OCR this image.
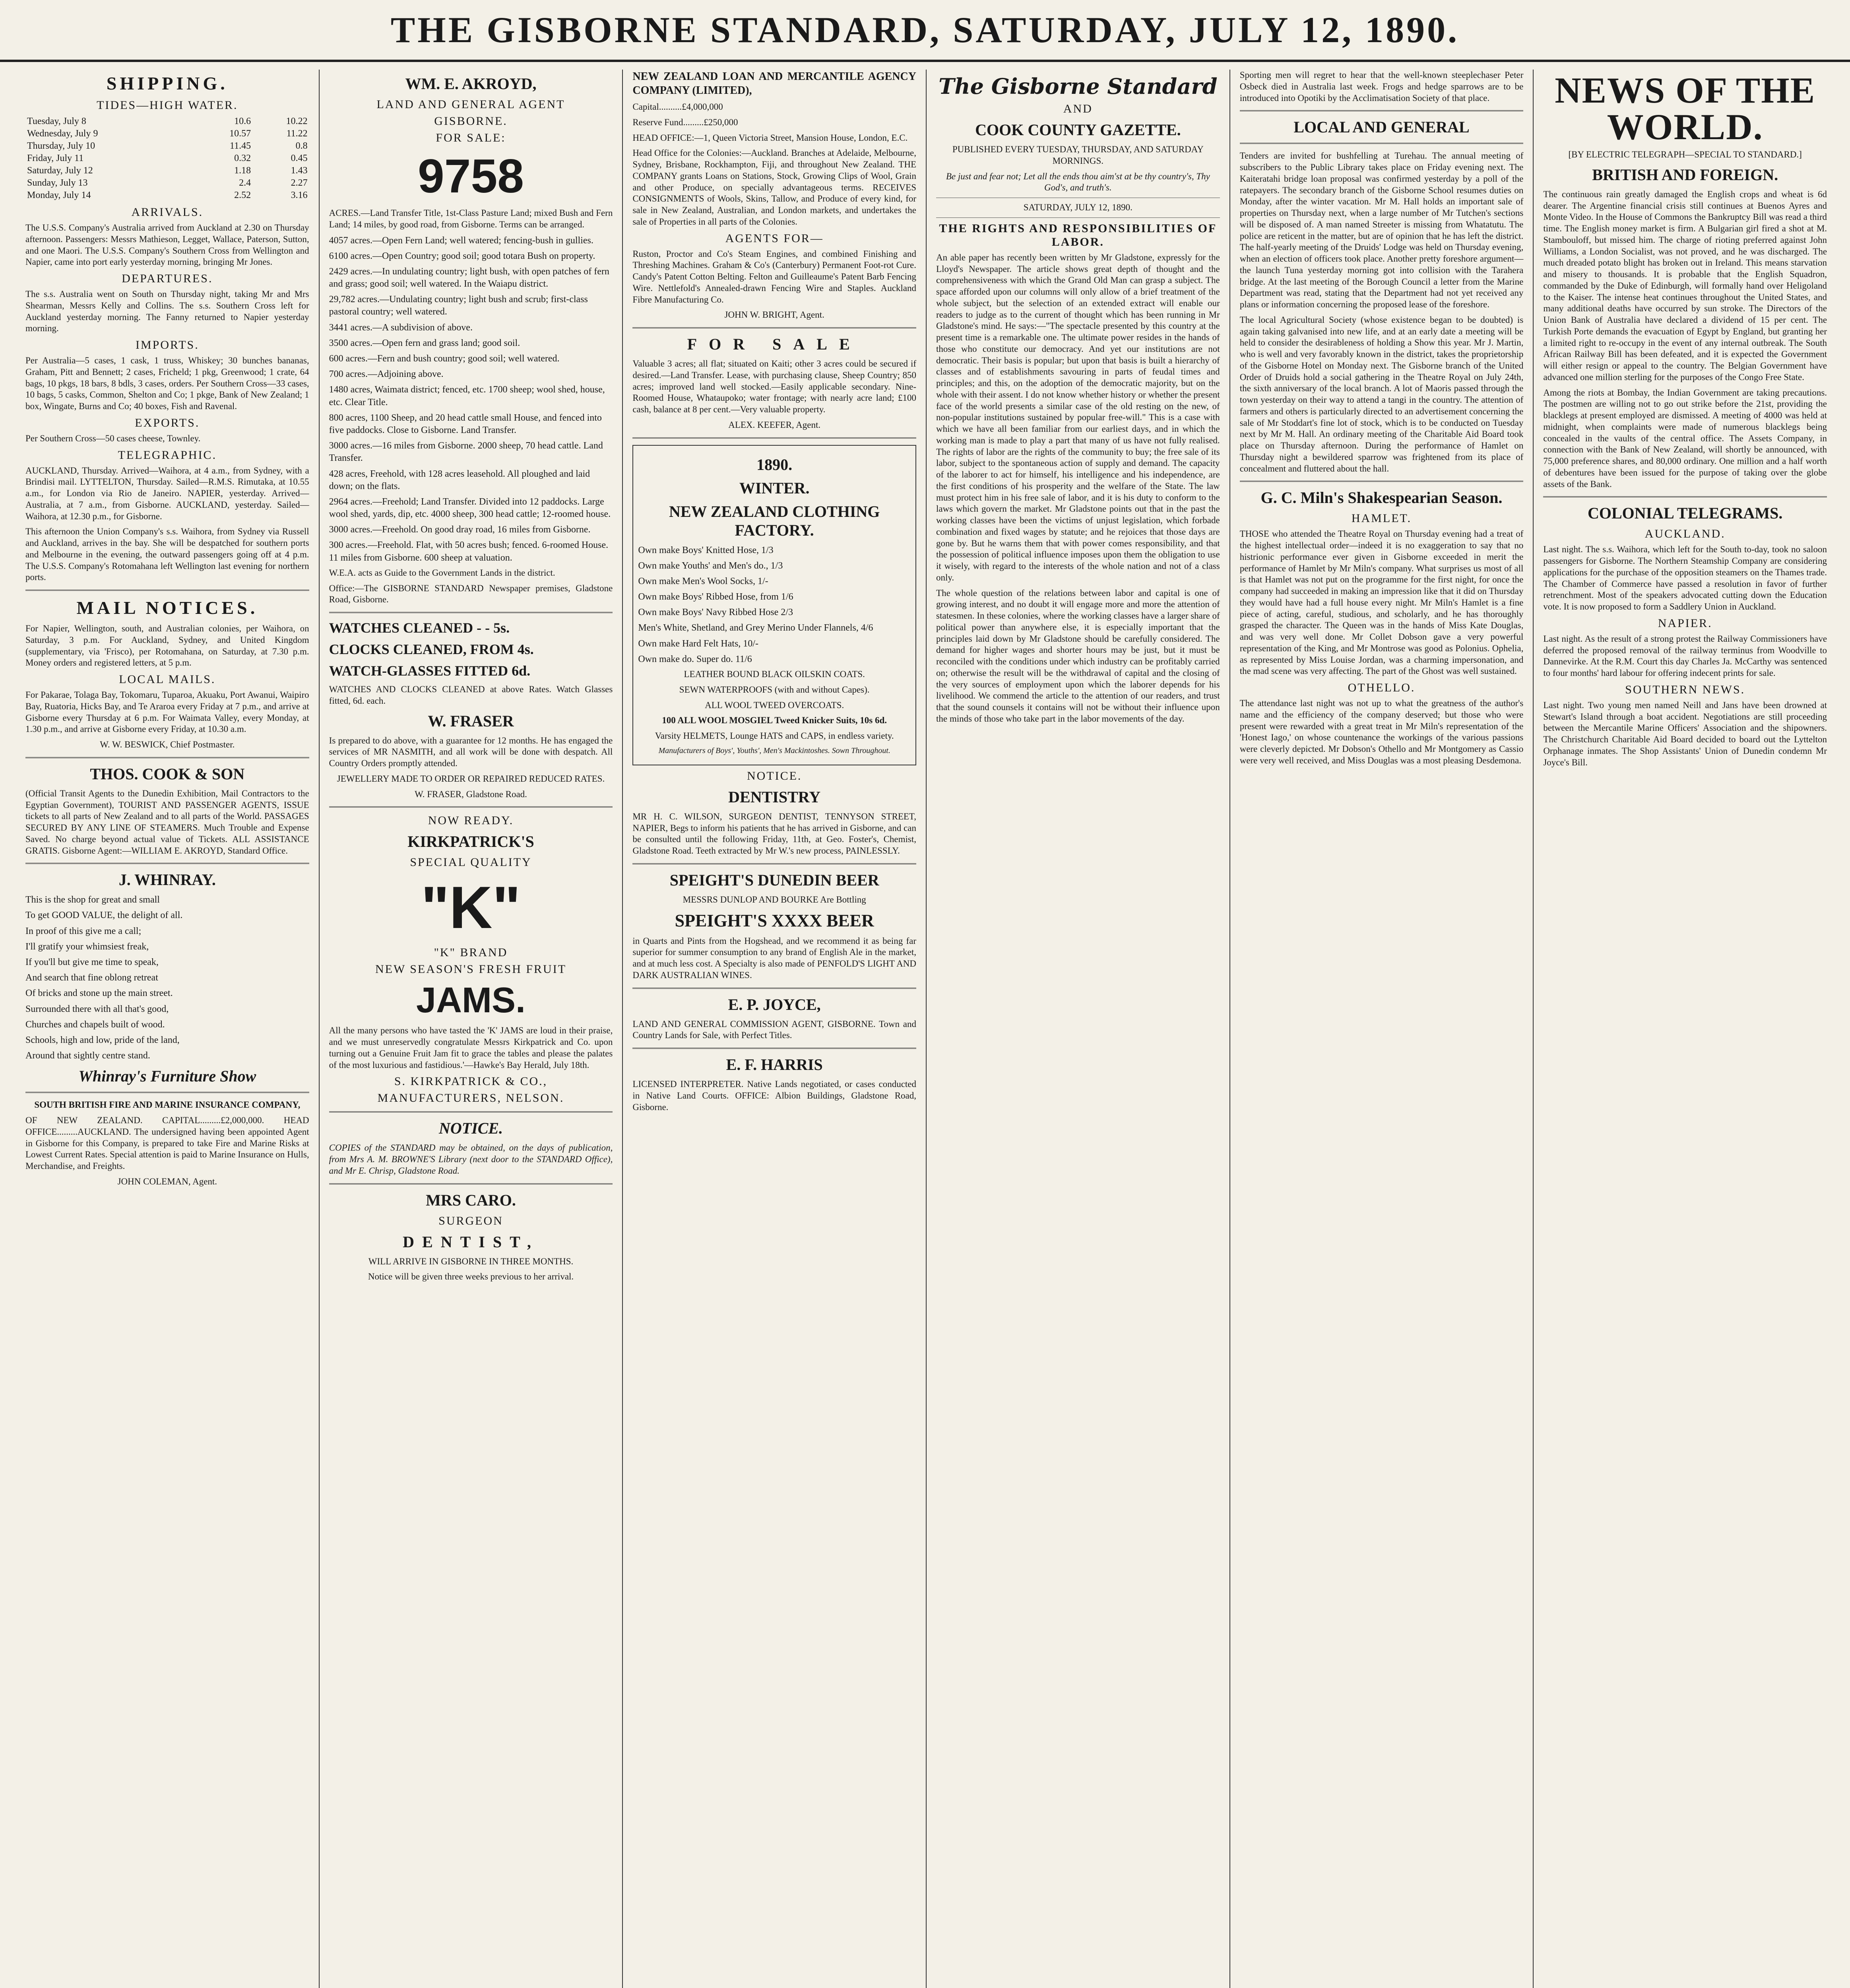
THE GISBORNE STANDARD, SATURDAY, JULY 12, 1890.
SHIPPING.
TIDES—HIGH WATER.
Tuesday, July 8	10.6	10.22
Wednesday, July 9	10.57	11.22
Thursday, July 10	11.45	0.8
Friday, July 11	0.32	0.45
Saturday, July 12	1.18	1.43
Sunday, July 13	2.4	2.27
Monday, July 14	2.52	3.16
ARRIVALS.

The U.S.S. Company's Australia arrived from Auckland at 2.30 on Thursday afternoon. Passengers: Messrs Mathieson, Legget, Wallace, Paterson, Sutton, and one Maori. The U.S.S. Company's Southern Cross from Wellington and Napier, came into port early yesterday morning, bringing Mr Jones.

DEPARTURES.

The s.s. Australia went on South on Thursday night, taking Mr and Mrs Shearman, Messrs Kelly and Collins. The s.s. Southern Cross left for Auckland yesterday morning. The Fanny returned to Napier yesterday morning.

IMPORTS.

Per Australia—5 cases, 1 cask, 1 truss, Whiskey; 30 bunches bananas, Graham, Pitt and Bennett; 2 cases, Fricheld; 1 pkg, Greenwood; 1 crate, 64 bags, 10 pkgs, 18 bars, 8 bdls, 3 cases, orders. Per Southern Cross—33 cases, 10 bags, 5 casks, Common, Shelton and Co; 1 pkge, Bank of New Zealand; 1 box, Wingate, Burns and Co; 40 boxes, Fish and Ravenal.

EXPORTS.

Per Southern Cross—50 cases cheese, Townley.

TELEGRAPHIC.

AUCKLAND, Thursday. Arrived—Waihora, at 4 a.m., from Sydney, with a Brindisi mail. LYTTELTON, Thursday. Sailed—R.M.S. Rimutaka, at 10.55 a.m., for London via Rio de Janeiro. NAPIER, yesterday. Arrived—Australia, at 7 a.m., from Gisborne. AUCKLAND, yesterday. Sailed—Waihora, at 12.30 p.m., for Gisborne.

This afternoon the Union Company's s.s. Waihora, from Sydney via Russell and Auckland, arrives in the bay. She will be despatched for southern ports and Melbourne in the evening, the outward passengers going off at 4 p.m. The U.S.S. Company's Rotomahana left Wellington last evening for northern ports.

MAIL NOTICES.

For Napier, Wellington, south, and Australian colonies, per Waihora, on Saturday, 3 p.m. For Auckland, Sydney, and United Kingdom (supplementary, via 'Frisco), per Rotomahana, on Saturday, at 7.30 p.m. Money orders and registered letters, at 5 p.m.

LOCAL MAILS.

For Pakarae, Tolaga Bay, Tokomaru, Tuparoa, Akuaku, Port Awanui, Waipiro Bay, Ruatoria, Hicks Bay, and Te Araroa every Friday at 7 p.m., and arrive at Gisborne every Thursday at 6 p.m. For Waimata Valley, every Monday, at 1.30 p.m., and arrive at Gisborne every Friday, at 10.30 a.m.

W. W. BESWICK, Chief Postmaster.

THOS. COOK & SON

(Official Transit Agents to the Dunedin Exhibition, Mail Contractors to the Egyptian Government), TOURIST AND PASSENGER AGENTS, ISSUE tickets to all parts of New Zealand and to all parts of the World. PASSAGES SECURED BY ANY LINE OF STEAMERS. Much Trouble and Expense Saved. No charge beyond actual value of Tickets. ALL ASSISTANCE GRATIS. Gisborne Agent:—WILLIAM E. AKROYD, Standard Office.

J. WHINRAY.

This is the shop for great and small

To get GOOD VALUE, the delight of all.

In proof of this give me a call;

I'll gratify your whimsiest freak,

If you'll but give me time to speak,

And search that fine oblong retreat

Of bricks and stone up the main street.

Surrounded there with all that's good,

Churches and chapels built of wood.

Schools, high and low, pride of the land,

Around that sightly centre stand.

Whinray's Furniture Show

SOUTH BRITISH FIRE AND MARINE INSURANCE COMPANY,

OF NEW ZEALAND. CAPITAL.........£2,000,000. HEAD OFFICE.........AUCKLAND. The undersigned having been appointed Agent in Gisborne for this Company, is prepared to take Fire and Marine Risks at Lowest Current Rates. Special attention is paid to Marine Insurance on Hulls, Merchandise, and Freights.

JOHN COLEMAN, Agent.

WM. E. AKROYD,
LAND AND GENERAL AGENT
GISBORNE.
FOR SALE:
9758

ACRES.—Land Transfer Title, 1st-Class Pasture Land; mixed Bush and Fern Land; 14 miles, by good road, from Gisborne. Terms can be arranged.

4057 acres.—Open Fern Land; well watered; fencing-bush in gullies.

6100 acres.—Open Country; good soil; good totara Bush on property.

2429 acres.—In undulating country; light bush, with open patches of fern and grass; good soil; well watered. In the Waiapu district.

29,782 acres.—Undulating country; light bush and scrub; first-class pastoral country; well watered.

3441 acres.—A subdivision of above.

3500 acres.—Open fern and grass land; good soil.

600 acres.—Fern and bush country; good soil; well watered.

700 acres.—Adjoining above.

1480 acres, Waimata district; fenced, etc. 1700 sheep; wool shed, house, etc. Clear Title.

800 acres, 1100 Sheep, and 20 head cattle small House, and fenced into five paddocks. Close to Gisborne. Land Transfer.

3000 acres.—16 miles from Gisborne. 2000 sheep, 70 head cattle. Land Transfer.

428 acres, Freehold, with 128 acres leasehold. All ploughed and laid down; on the flats.

2964 acres.—Freehold; Land Transfer. Divided into 12 paddocks. Large wool shed, yards, dip, etc. 4000 sheep, 300 head cattle; 12-roomed house.

3000 acres.—Freehold. On good dray road, 16 miles from Gisborne.

300 acres.—Freehold. Flat, with 50 acres bush; fenced. 6-roomed House. 11 miles from Gisborne. 600 sheep at valuation.

W.E.A. acts as Guide to the Government Lands in the district.

Office:—The GISBORNE STANDARD Newspaper premises, Gladstone Road, Gisborne.

WATCHES CLEANED - - 5s.
CLOCKS CLEANED, FROM 4s.
WATCH-GLASSES FITTED 6d.

WATCHES AND CLOCKS CLEANED at above Rates. Watch Glasses fitted, 6d. each.

W. FRASER

Is prepared to do above, with a guarantee for 12 months. He has engaged the services of MR NASMITH, and all work will be done with despatch. All Country Orders promptly attended.

JEWELLERY MADE TO ORDER OR REPAIRED REDUCED RATES.

W. FRASER, Gladstone Road.

NOW READY.
KIRKPATRICK'S
SPECIAL QUALITY
"K"
"K" BRAND
NEW SEASON'S FRESH FRUIT
JAMS.

All the many persons who have tasted the 'K' JAMS are loud in their praise, and we must unreservedly congratulate Messrs Kirkpatrick and Co. upon turning out a Genuine Fruit Jam fit to grace the tables and please the palates of the most luxurious and fastidious.'—Hawke's Bay Herald, July 18th.

S. KIRKPATRICK & CO.,
MANUFACTURERS, NELSON.
NOTICE.

COPIES of the STANDARD may be obtained, on the days of publication, from Mrs A. M. BROWNE'S Library (next door to the STANDARD Office), and Mr E. Chrisp, Gladstone Road.

MRS CARO.
SURGEON
DENTIST,

WILL ARRIVE IN GISBORNE IN THREE MONTHS.

Notice will be given three weeks previous to her arrival.

NEW ZEALAND LOAN AND MERCANTILE AGENCY COMPANY (LIMITED),

Capital..........£4,000,000

Reserve Fund.........£250,000

HEAD OFFICE:—1, Queen Victoria Street, Mansion House, London, E.C.

Head Office for the Colonies:—Auckland. Branches at Adelaide, Melbourne, Sydney, Brisbane, Rockhampton, Fiji, and throughout New Zealand. THE COMPANY grants Loans on Stations, Stock, Growing Clips of Wool, Grain and other Produce, on specially advantageous terms. RECEIVES CONSIGNMENTS of Wools, Skins, Tallow, and Produce of every kind, for sale in New Zealand, Australian, and London markets, and undertakes the sale of Properties in all parts of the Colonies.

AGENTS FOR—

Ruston, Proctor and Co's Steam Engines, and combined Finishing and Threshing Machines. Graham & Co's (Canterbury) Permanent Foot-rot Cure. Candy's Patent Cotton Belting. Felton and Guilleaume's Patent Barb Fencing Wire. Nettlefold's Annealed-drawn Fencing Wire and Staples. Auckland Fibre Manufacturing Co.

JOHN W. BRIGHT, Agent.

FOR SALE

Valuable 3 acres; all flat; situated on Kaiti; other 3 acres could be secured if desired.—Land Transfer. Lease, with purchasing clause, Sheep Country; 850 acres; improved land well stocked.—Easily applicable secondary. Nine-Roomed House, Whataupoko; water frontage; with nearly acre land; £100 cash, balance at 8 per cent.—Very valuable property.

ALEX. KEEFER, Agent.

1890.
WINTER.
NEW ZEALAND CLOTHING FACTORY.

Own make Boys' Knitted Hose, 1/3

Own make Youths' and Men's do., 1/3

Own make Men's Wool Socks, 1/-

Own make Boys' Ribbed Hose, from 1/6

Own make Boys' Navy Ribbed Hose 2/3

Men's White, Shetland, and Grey Merino Under Flannels, 4/6

Own make Hard Felt Hats, 10/-

Own make do. Super do. 11/6

LEATHER BOUND BLACK OILSKIN COATS.

SEWN WATERPROOFS (with and without Capes).

ALL WOOL TWEED OVERCOATS.

100 ALL WOOL MOSGIEL Tweed Knicker Suits, 10s 6d.

Varsity HELMETS, Lounge HATS and CAPS, in endless variety.

Manufacturers of Boys', Youths', Men's Mackintoshes. Sown Throughout.
NOTICE.
DENTISTRY

MR H. C. WILSON, SURGEON DENTIST, TENNYSON STREET, NAPIER, Begs to inform his patients that he has arrived in Gisborne, and can be consulted until the following Friday, 11th, at Geo. Foster's, Chemist, Gladstone Road. Teeth extracted by Mr W.'s new process, PAINLESSLY.

SPEIGHT'S DUNEDIN BEER

MESSRS DUNLOP AND BOURKE Are Bottling

SPEIGHT'S XXXX BEER

in Quarts and Pints from the Hogshead, and we recommend it as being far superior for summer consumption to any brand of English Ale in the market, and at much less cost. A Specialty is also made of PENFOLD'S LIGHT AND DARK AUSTRALIAN WINES.

E. P. JOYCE,

LAND AND GENERAL COMMISSION AGENT, GISBORNE. Town and Country Lands for Sale, with Perfect Titles.

E. F. HARRIS

LICENSED INTERPRETER. Native Lands negotiated, or cases conducted in Native Land Courts. OFFICE: Albion Buildings, Gladstone Road, Gisborne.

The Gisborne Standard
AND
COOK COUNTY GAZETTE.

PUBLISHED EVERY TUESDAY, THURSDAY, AND SATURDAY MORNINGS.

Be just and fear not; Let all the ends thou aim'st at be thy country's, Thy God's, and truth's.

SATURDAY, JULY 12, 1890.

THE RIGHTS AND RESPONSIBILITIES OF LABOR.

An able paper has recently been written by Mr Gladstone, expressly for the Lloyd's Newspaper. The article shows great depth of thought and the comprehensiveness with which the Grand Old Man can grasp a subject. The space afforded upon our columns will only allow of a brief treatment of the whole subject, but the selection of an extended extract will enable our readers to judge as to the current of thought which has been running in Mr Gladstone's mind. He says:—"The spectacle presented by this country at the present time is a remarkable one. The ultimate power resides in the hands of those who constitute our democracy. And yet our institutions are not democratic. Their basis is popular; but upon that basis is built a hierarchy of classes and of establishments savouring in parts of feudal times and principles; and this, on the adoption of the democratic majority, but on the whole with their assent. I do not know whether history or whether the present face of the world presents a similar case of the old resting on the new, of non-popular institutions sustained by popular free-will." This is a case with which we have all been familiar from our earliest days, and in which the working man is made to play a part that many of us have not fully realised. The rights of labor are the rights of the community to buy; the free sale of its labor, subject to the spontaneous action of supply and demand. The capacity of the laborer to act for himself, his intelligence and his independence, are the first conditions of his prosperity and the welfare of the State. The law must protect him in his free sale of labor, and it is his duty to conform to the laws which govern the market. Mr Gladstone points out that in the past the working classes have been the victims of unjust legislation, which forbade combination and fixed wages by statute; and he rejoices that those days are gone by. But he warns them that with power comes responsibility, and that the possession of political influence imposes upon them the obligation to use it wisely, with regard to the interests of the whole nation and not of a class only.

The whole question of the relations between labor and capital is one of growing interest, and no doubt it will engage more and more the attention of statesmen. In these colonies, where the working classes have a larger share of political power than anywhere else, it is especially important that the principles laid down by Mr Gladstone should be carefully considered. The demand for higher wages and shorter hours may be just, but it must be reconciled with the conditions under which industry can be profitably carried on; otherwise the result will be the withdrawal of capital and the closing of the very sources of employment upon which the laborer depends for his livelihood. We commend the article to the attention of our readers, and trust that the sound counsels it contains will not be without their influence upon the minds of those who take part in the labor movements of the day.

Sporting men will regret to hear that the well-known steeplechaser Peter Osbeck died in Australia last week. Frogs and hedge sparrows are to be introduced into Opotiki by the Acclimatisation Society of that place.

LOCAL AND GENERAL

Tenders are invited for bushfelling at Turehau. The annual meeting of subscribers to the Public Library takes place on Friday evening next. The Kaiteratahi bridge loan proposal was confirmed yesterday by a poll of the ratepayers. The secondary branch of the Gisborne School resumes duties on Monday, after the winter vacation. Mr M. Hall holds an important sale of properties on Thursday next, when a large number of Mr Tutchen's sections will be disposed of. A man named Streeter is missing from Whatatutu. The police are reticent in the matter, but are of opinion that he has left the district. The half-yearly meeting of the Druids' Lodge was held on Thursday evening, when an election of officers took place. Another pretty foreshore argument—the launch Tuna yesterday morning got into collision with the Tarahera bridge. At the last meeting of the Borough Council a letter from the Marine Department was read, stating that the Department had not yet received any plans or information concerning the proposed lease of the foreshore.

The local Agricultural Society (whose existence began to be doubted) is again taking galvanised into new life, and at an early date a meeting will be held to consider the desirableness of holding a Show this year. Mr J. Martin, who is well and very favorably known in the district, takes the proprietorship of the Gisborne Hotel on Monday next. The Gisborne branch of the United Order of Druids hold a social gathering in the Theatre Royal on July 24th, the sixth anniversary of the local branch. A lot of Maoris passed through the town yesterday on their way to attend a tangi in the country. The attention of farmers and others is particularly directed to an advertisement concerning the sale of Mr Stoddart's fine lot of stock, which is to be conducted on Tuesday next by Mr M. Hall. An ordinary meeting of the Charitable Aid Board took place on Thursday afternoon. During the performance of Hamlet on Thursday night a bewildered sparrow was frightened from its place of concealment and fluttered about the hall.

G. C. Miln's Shakespearian Season.
HAMLET.

THOSE who attended the Theatre Royal on Thursday evening had a treat of the highest intellectual order—indeed it is no exaggeration to say that no histrionic performance ever given in Gisborne exceeded in merit the performance of Hamlet by Mr Miln's company. What surprises us most of all is that Hamlet was not put on the programme for the first night, for once the company had succeeded in making an impression like that it did on Thursday they would have had a full house every night. Mr Miln's Hamlet is a fine piece of acting, careful, studious, and scholarly, and he has thoroughly grasped the character. The Queen was in the hands of Miss Kate Douglas, and was very well done. Mr Collet Dobson gave a very powerful representation of the King, and Mr Montrose was good as Polonius. Ophelia, as represented by Miss Louise Jordan, was a charming impersonation, and the mad scene was very affecting. The part of the Ghost was well sustained.

OTHELLO.

The attendance last night was not up to what the greatness of the author's name and the efficiency of the company deserved; but those who were present were rewarded with a great treat in Mr Miln's representation of the 'Honest Iago,' on whose countenance the workings of the various passions were cleverly depicted. Mr Dobson's Othello and Mr Montgomery as Cassio were very well received, and Miss Douglas was a most pleasing Desdemona.

NEWS OF THE WORLD.

[BY ELECTRIC TELEGRAPH—SPECIAL TO STANDARD.]

BRITISH AND FOREIGN.

The continuous rain greatly damaged the English crops and wheat is 6d dearer. The Argentine financial crisis still continues at Buenos Ayres and Monte Video. In the House of Commons the Bankruptcy Bill was read a third time. The English money market is firm. A Bulgarian girl fired a shot at M. Stambouloff, but missed him. The charge of rioting preferred against John Williams, a London Socialist, was not proved, and he was discharged. The much dreaded potato blight has broken out in Ireland. This means starvation and misery to thousands. It is probable that the English Squadron, commanded by the Duke of Edinburgh, will formally hand over Heligoland to the Kaiser. The intense heat continues throughout the United States, and many additional deaths have occurred by sun stroke. The Directors of the Union Bank of Australia have declared a dividend of 15 per cent. The Turkish Porte demands the evacuation of Egypt by England, but granting her a limited right to re-occupy in the event of any internal outbreak. The South African Railway Bill has been defeated, and it is expected the Government will either resign or appeal to the country. The Belgian Government have advanced one million sterling for the purposes of the Congo Free State.

Among the riots at Bombay, the Indian Government are taking precautions. The postmen are willing not to go out strike before the 21st, providing the blacklegs at present employed are dismissed. A meeting of 4000 was held at midnight, when complaints were made of numerous blacklegs being concealed in the vaults of the central office. The Assets Company, in connection with the Bank of New Zealand, will shortly be announced, with 75,000 preference shares, and 80,000 ordinary. One million and a half worth of debentures have been issued for the purpose of taking over the globe assets of the Bank.

COLONIAL TELEGRAMS.
AUCKLAND.

Last night. The s.s. Waihora, which left for the South to-day, took no saloon passengers for Gisborne. The Northern Steamship Company are considering applications for the purchase of the opposition steamers on the Thames trade. The Chamber of Commerce have passed a resolution in favor of further retrenchment. Most of the speakers advocated cutting down the Education vote. It is now proposed to form a Saddlery Union in Auckland.

NAPIER.

Last night. As the result of a strong protest the Railway Commissioners have deferred the proposed removal of the railway terminus from Woodville to Dannevirke. At the R.M. Court this day Charles Ja. McCarthy was sentenced to four months' hard labour for offering indecent prints for sale.

SOUTHERN NEWS.

Last night. Two young men named Neill and Jans have been drowned at Stewart's Island through a boat accident. Negotiations are still proceeding between the Mercantile Marine Officers' Association and the shipowners. The Christchurch Charitable Aid Board decided to board out the Lyttelton Orphanage inmates. The Shop Assistants' Union of Dunedin condemn Mr Joyce's Bill.
